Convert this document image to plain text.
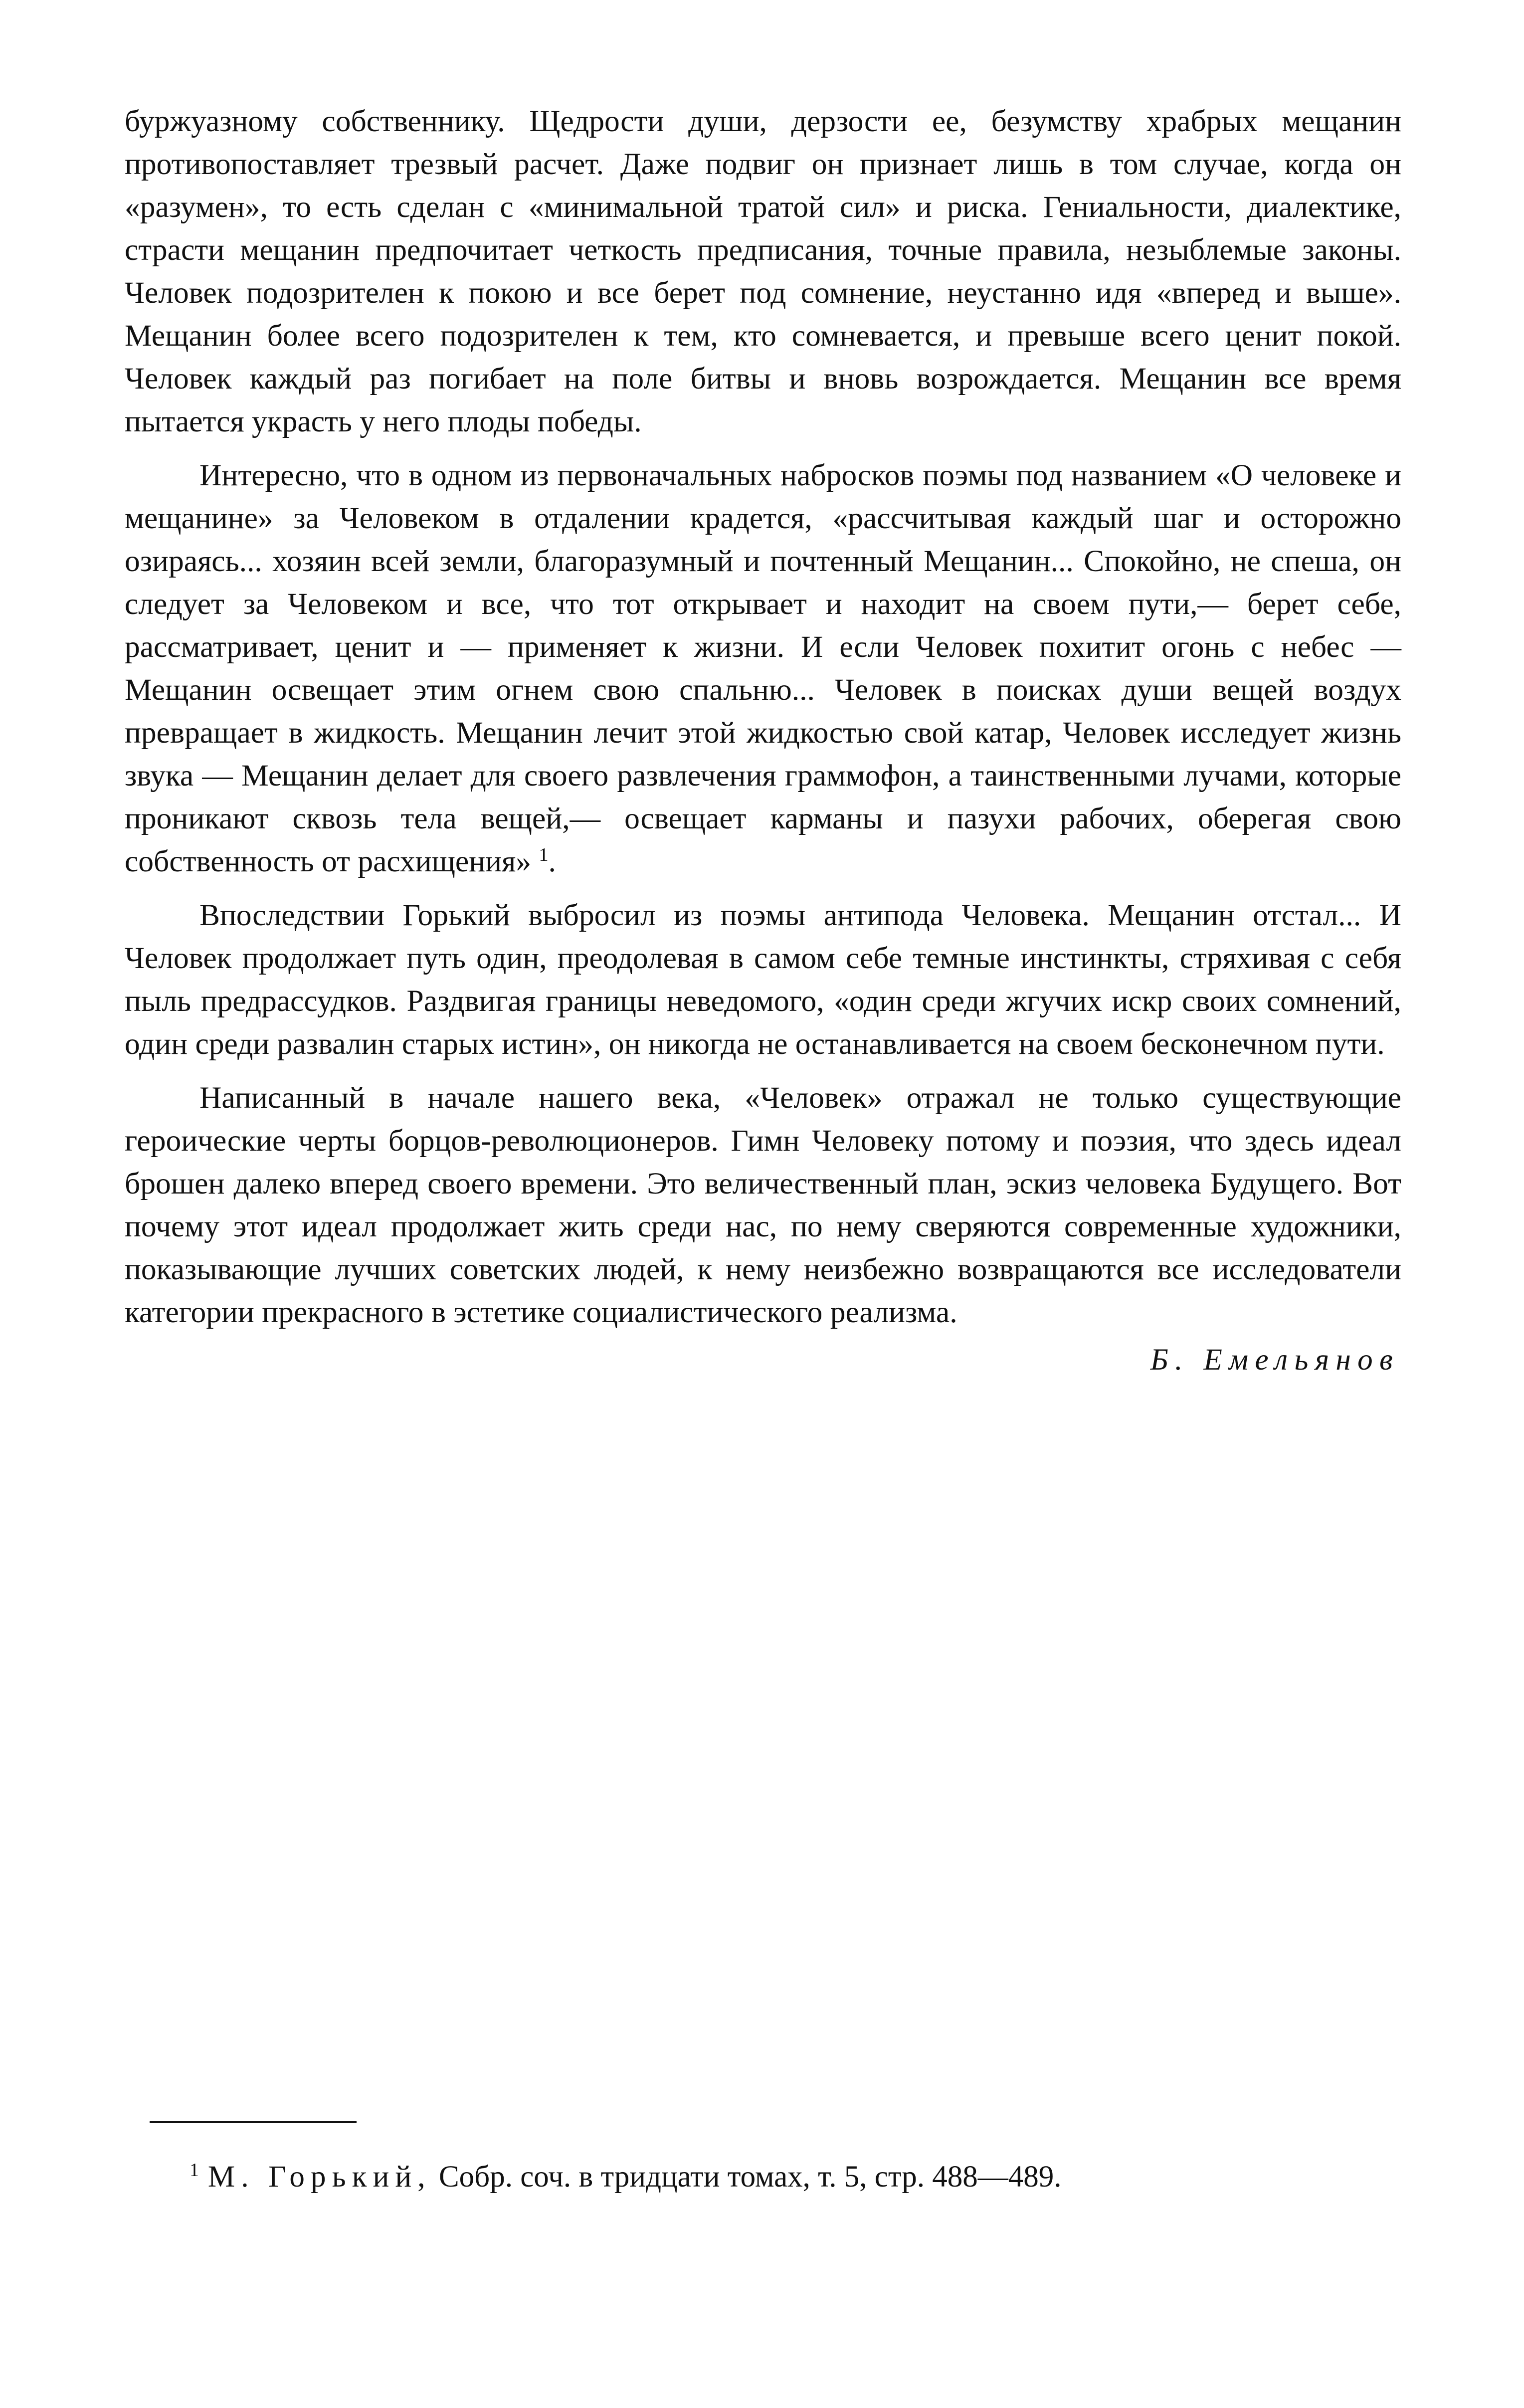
буржуазному собственнику. Щедрости души, дерзости ее, безумству храбрых мещанин противопоставляет трезвый расчет. Даже подвиг он признает лишь в том случае, когда он «разумен», то есть сделан с «минимальной тратой сил» и риска. Гениальности, диалектике, страсти мещанин предпочитает четкость предписания, точные правила, незыблемые законы. Человек подозрителен к покою и все берет под сомнение, неустанно идя «вперед и выше». Мещанин более всего подозрителен к тем, кто сомневается, и превыше всего ценит покой. Человек каждый раз погибает на поле битвы и вновь возрождается. Мещанин все время пытается украсть у него плоды победы.

Интересно, что в одном из первоначальных набросков поэмы под названием «О человеке и мещанине» за Человеком в отдалении крадется, «рассчитывая каждый шаг и осторожно озираясь... хозяин всей земли, благоразумный и почтенный Мещанин... Спокойно, не спеша, он следует за Человеком и все, что тот открывает и находит на своем пути,— берет себе, рассматривает, ценит и — применяет к жизни. И если Человек похитит огонь с небес — Мещанин освещает этим огнем свою спальню... Человек в поисках души вещей воздух превращает в жидкость. Мещанин лечит этой жидкостью свой катар, Человек исследует жизнь звука — Мещанин делает для своего развлечения граммофон, а таинственными лучами, которые проникают сквозь тела вещей,— освещает карманы и пазухи рабочих, оберегая свою собственность от расхищения» $^1$.

Впоследствии Горький выбросил из поэмы антипода Человека. Мещанин отстал... И Человек продолжает путь один, преодолевая в самом себе темные инстинкты, стряхивая с себя пыль предрассудков. Раздвигая границы неведомого, «один среди жгучих искр своих сомнений, один среди развалин старых истин», он никогда не останавливается на своем бесконечном пути.

Написанный в начале нашего века, «Человек» отражал не только существующие героические черты борцов-революционеров. Гимн Человеку потому и поэзия, что здесь идеал брошен далеко вперед своего времени. Это величественный план, эскиз человека Будущего. Вот почему этот идеал продолжает жить среди нас, по нему сверяются современные художники, показывающие лучших советских людей, к нему неизбежно возвращаются все исследователи категории прекрасного в эстетике социалистического реализма.

Б. Емельянов
$^1$ М. Горький, Собр. соч. в тридцати томах, т. 5, стр. 488—489.
